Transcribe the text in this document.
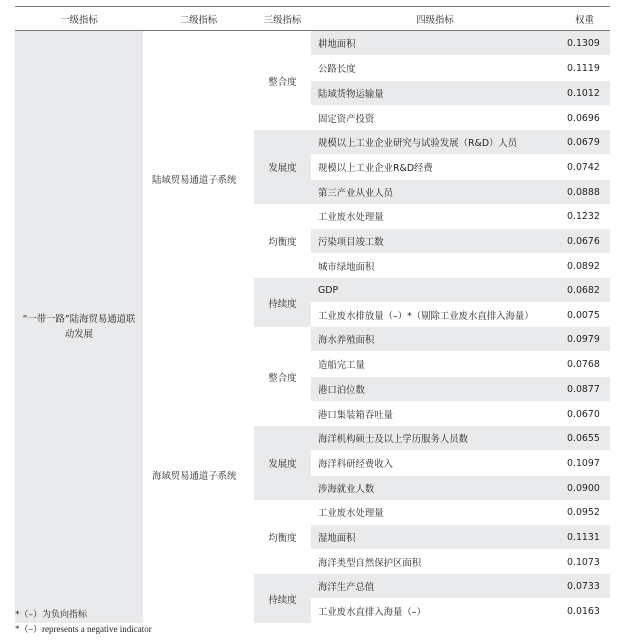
一级指标	二级指标	三级指标	四级指标	权重
“一带一路”陆海贸易通道联动发展	陆域贸易通道子系统	整合度	耕地面积	0.1309
			公路长度	0.1119
			陆域货物运输量	0.1012
			固定资产投资	0.0696
		发展度	规模以上工业企业研究与试验发展（R&D）人员	0.0679
			规模以上工业企业R&D经费	0.0742
			第三产业从业人员	0.0888
		均衡度	工业废水处理量	0.1232
			污染项目竣工数	0.0676
			城市绿地面积	0.0892
		持续度	GDP	0.0682
			工业废水排放量（–）*（剔除工业废水直排入海量）	0.0075
	海域贸易通道子系统	整合度	海水养殖面积	0.0979
			造船完工量	0.0768
			港口泊位数	0.0877
			港口集装箱吞吐量	0.0670
		发展度	海洋机构硕士及以上学历服务人员数	0.0655
			海洋科研经费收入	0.1097
			涉海就业人数	0.0900
		均衡度	工业废水处理量	0.0952
			湿地面积	0.1131
			海洋类型自然保护区面积	0.1073
		持续度	海洋生产总值	0.0733
			工业废水直排入海量（–）	0.0163
*（–）为负向指标
*（–）represents a negative indicator
